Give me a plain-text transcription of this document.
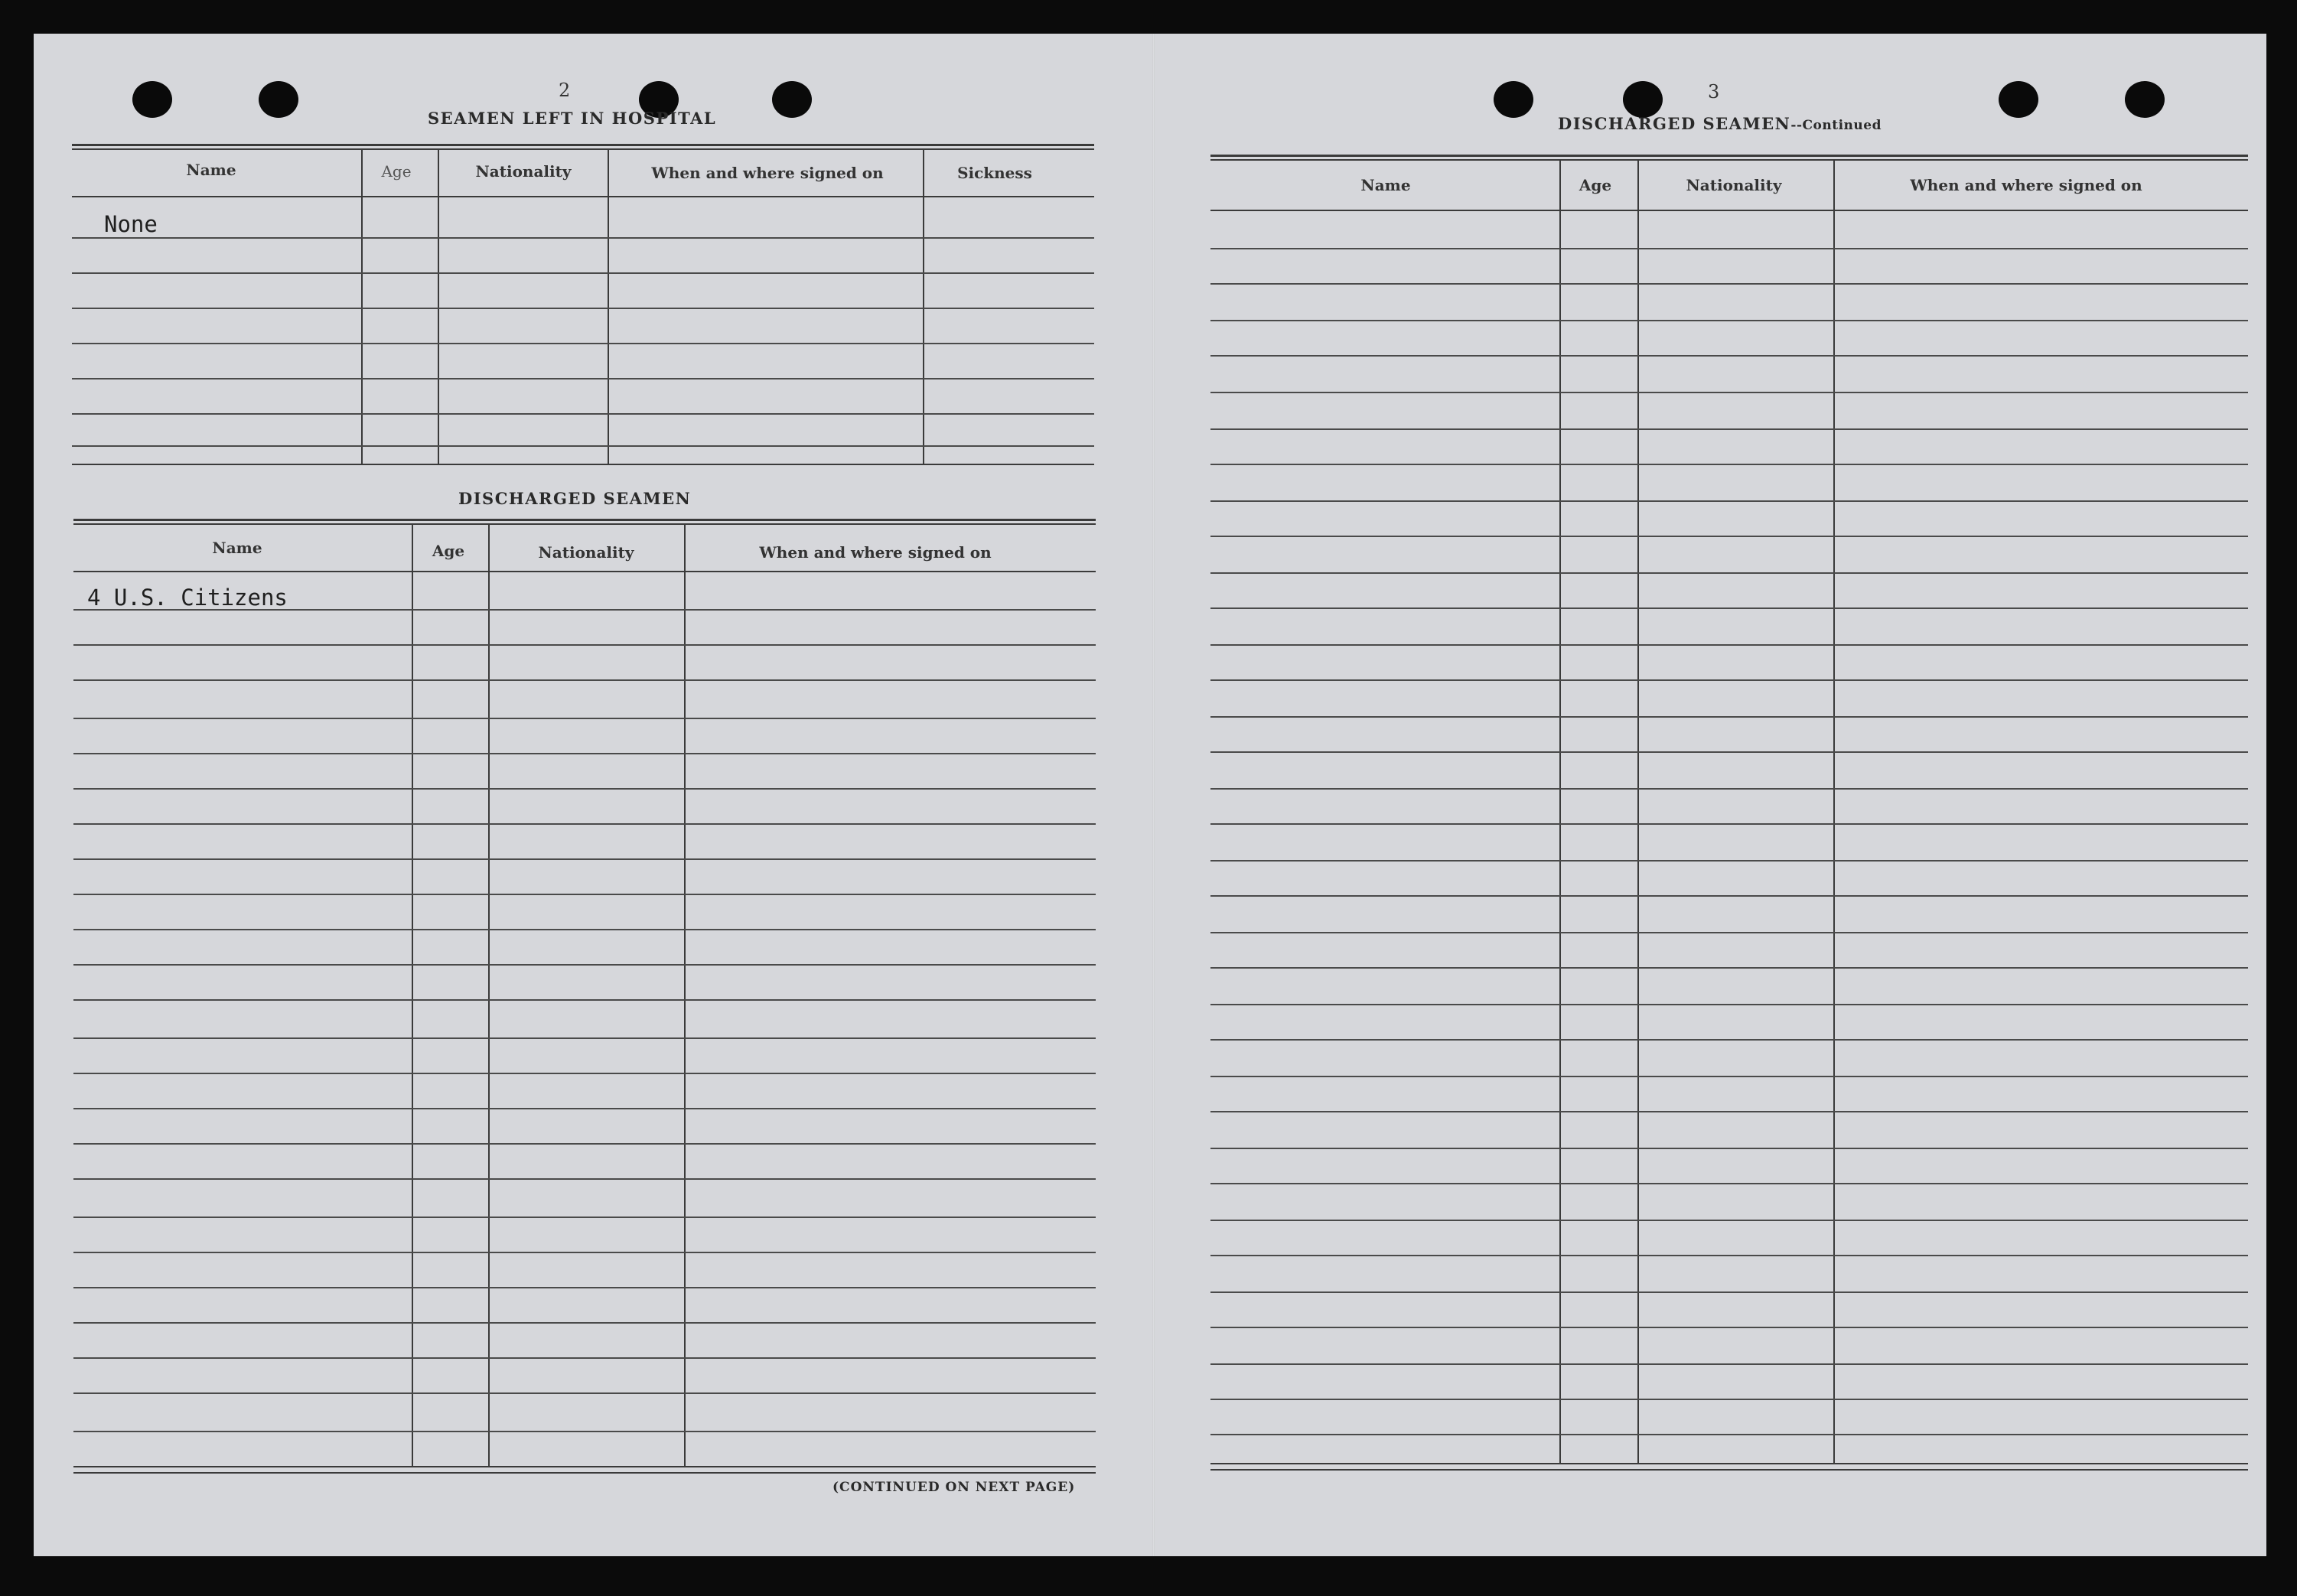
2
SEAMEN LEFT IN HOSPITAL
Name	Age	Nationality	When and where signed on	Sickness
None
DISCHARGED SEAMEN
Name	Age	Nationality	When and where signed on
4 U.S. Citizens
(CONTINUED ON NEXT PAGE)
3
DISCHARGED SEAMEN--Continued
Name	Age	Nationality	When and where signed on
